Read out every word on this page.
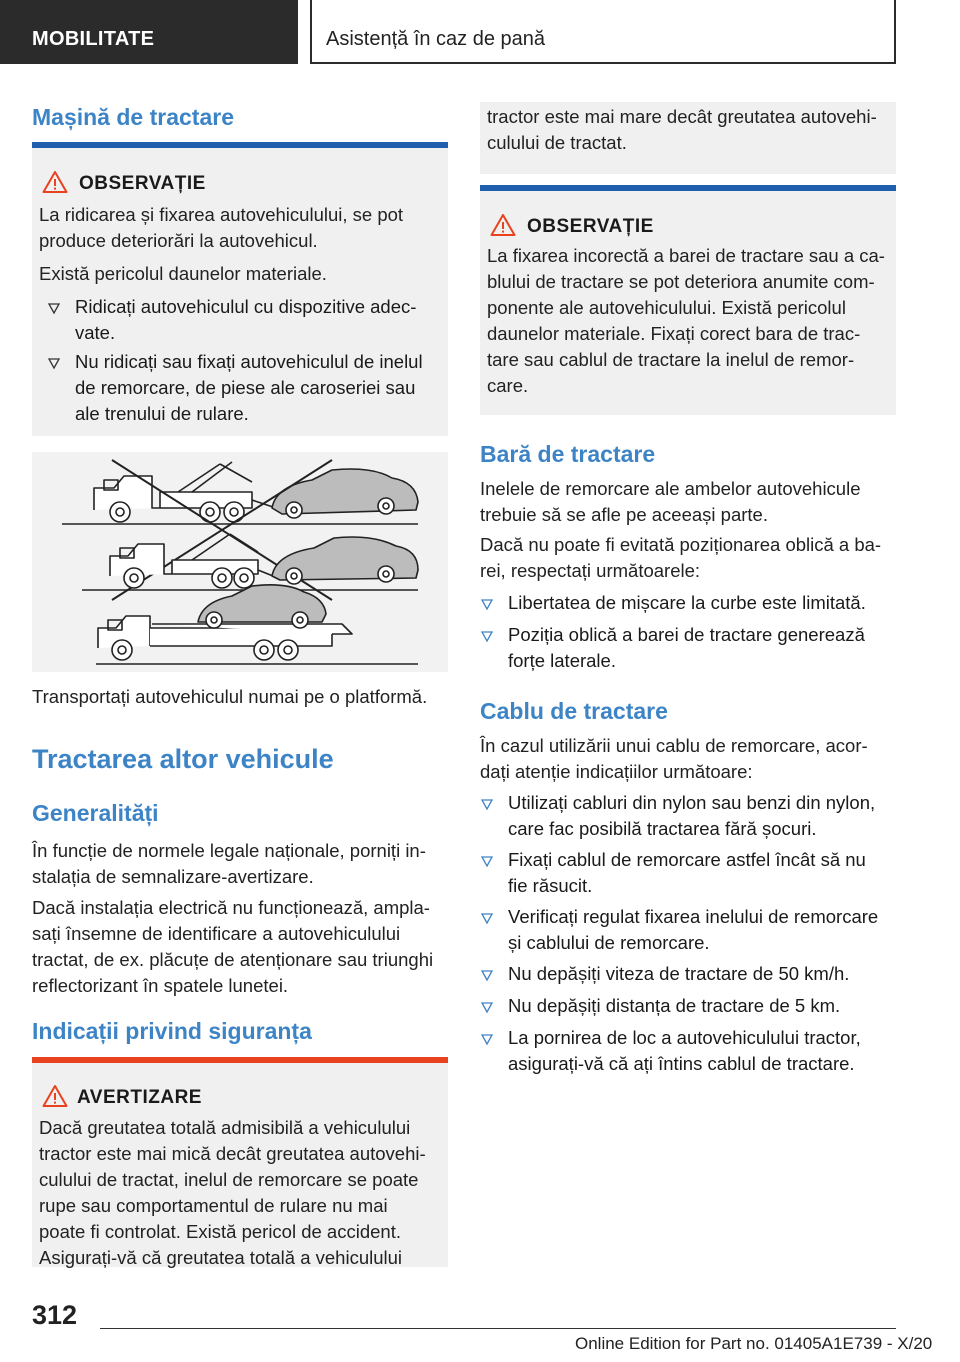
MOBILITATE	Asistență în caz de pană
Mașină de tractare
OBSERVAȚIE
La ridicarea și fixarea autovehiculului, se pot
produce deteriorări la autovehicul.
Există pericolul daunelor materiale.
Ridicați autovehiculul cu dispozitive adec-
vate.
Nu ridicați sau fixați autovehiculul de inelul
de remorcare, de piese ale caroseriei sau
ale trenului de rulare.
Transportați autovehiculul numai pe o platformă.
Tractarea altor vehicule
Generalități
În funcție de normele legale naționale, porniți in-
stalația de semnalizare-avertizare.
Dacă instalația electrică nu funcționează, ampla-
sați însemne de identificare a autovehiculului
tractat, de ex. plăcuțe de atenționare sau triunghi
reflectorizant în spatele lunetei.
Indicații privind siguranța
AVERTIZARE
Dacă greutatea totală admisibilă a vehiculului
tractor este mai mică decât greutatea autovehi-
culului de tractat, inelul de remorcare se poate
rupe sau comportamentul de rulare nu mai
poate fi controlat. Există pericol de accident.
Asigurați-vă că greutatea totală a vehiculului
tractor este mai mare decât greutatea autovehi-
culului de tractat.
OBSERVAȚIE
La fixarea incorectă a barei de tractare sau a ca-
blului de tractare se pot deteriora anumite com-
ponente ale autovehiculului. Există pericolul
daunelor materiale. Fixați corect bara de trac-
tare sau cablul de tractare la inelul de remor-
care.
Bară de tractare
Inelele de remorcare ale ambelor autovehicule
trebuie să se afle pe aceeași parte.
Dacă nu poate fi evitată poziționarea oblică a ba-
rei, respectați următoarele:
Libertatea de mișcare la curbe este limitată.
Poziția oblică a barei de tractare generează
forțe laterale.
Cablu de tractare
În cazul utilizării unui cablu de remorcare, acor-
dați atenție indicațiilor următoare:
Utilizați cabluri din nylon sau benzi din nylon,
care fac posibilă tractarea fără șocuri.
Fixați cablul de remorcare astfel încât să nu
fie răsucit.
Verificați regulat fixarea inelului de remorcare
și cablului de remorcare.
Nu depășiți viteza de tractare de 50 km/h.
Nu depășiți distanța de tractare de 5 km.
La pornirea de loc a autovehiculului tractor,
asigurați-vă că ați întins cablul de tractare.
312
Online Edition for Part no. 01405A1E739 - X/20
